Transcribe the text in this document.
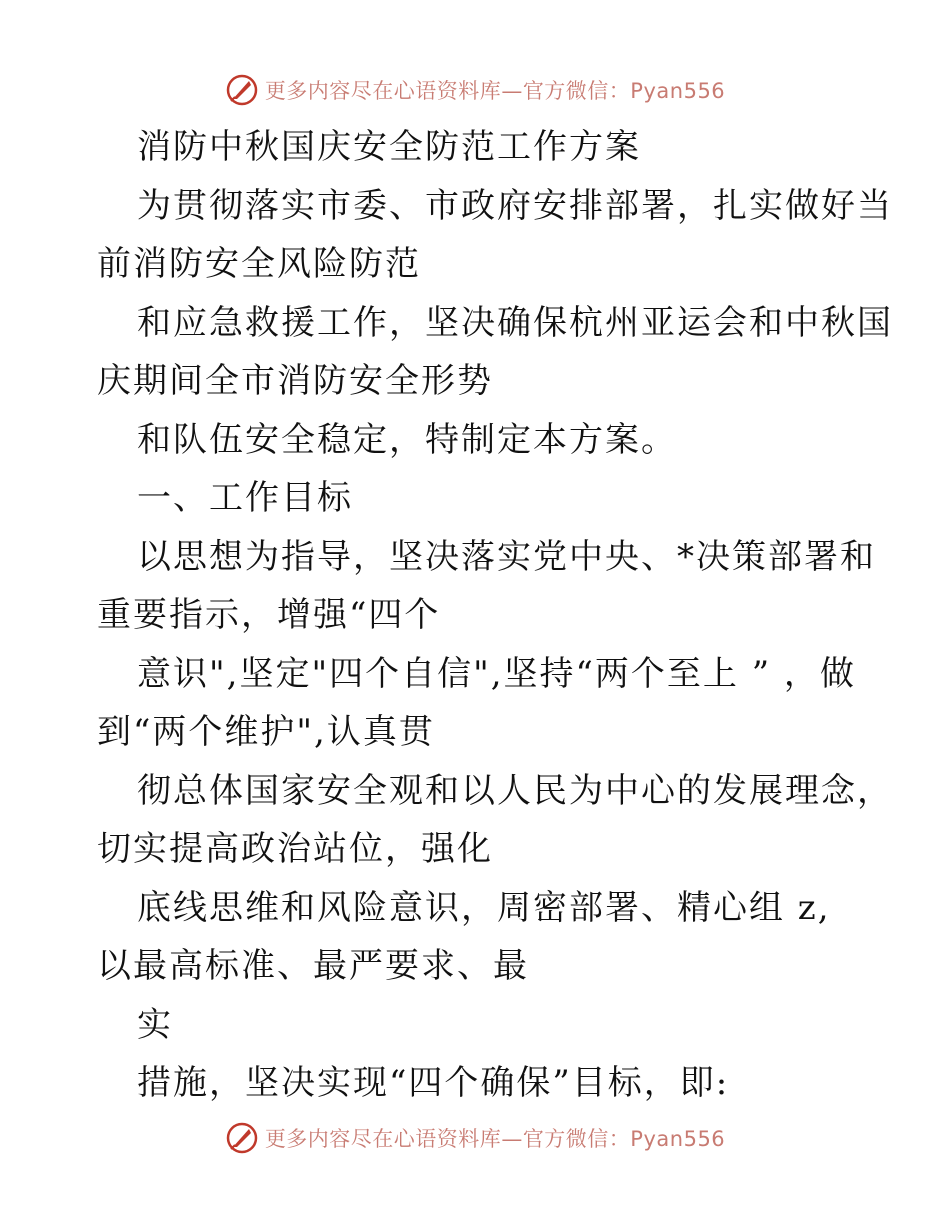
更多内容尽在心语资料库—官方微信：Pyan556
消防中秋国庆安全防范工作方案
为贯彻落实市委、市政府安排部署，扎实做好当
前消防安全风险防范
和应急救援工作，坚决确保杭州亚运会和中秋国
庆期间全市消防安全形势
和队伍安全稳定，特制定本方案。
一、工作目标
以思想为指导，坚决落实党中央、*决策部署和
重要指示，增强“四个
意识",坚定"四个自信",坚持“两个至上 ” ，做
到“两个维护",认真贯
彻总体国家安全观和以人民为中心的发展理念，
切实提高政治站位，强化
底线思维和风险意识，周密部署、精心组 z,
以最高标准、最严要求、最
实
措施，坚决实现“四个确保”目标，即:
更多内容尽在心语资料库—官方微信：Pyan556
